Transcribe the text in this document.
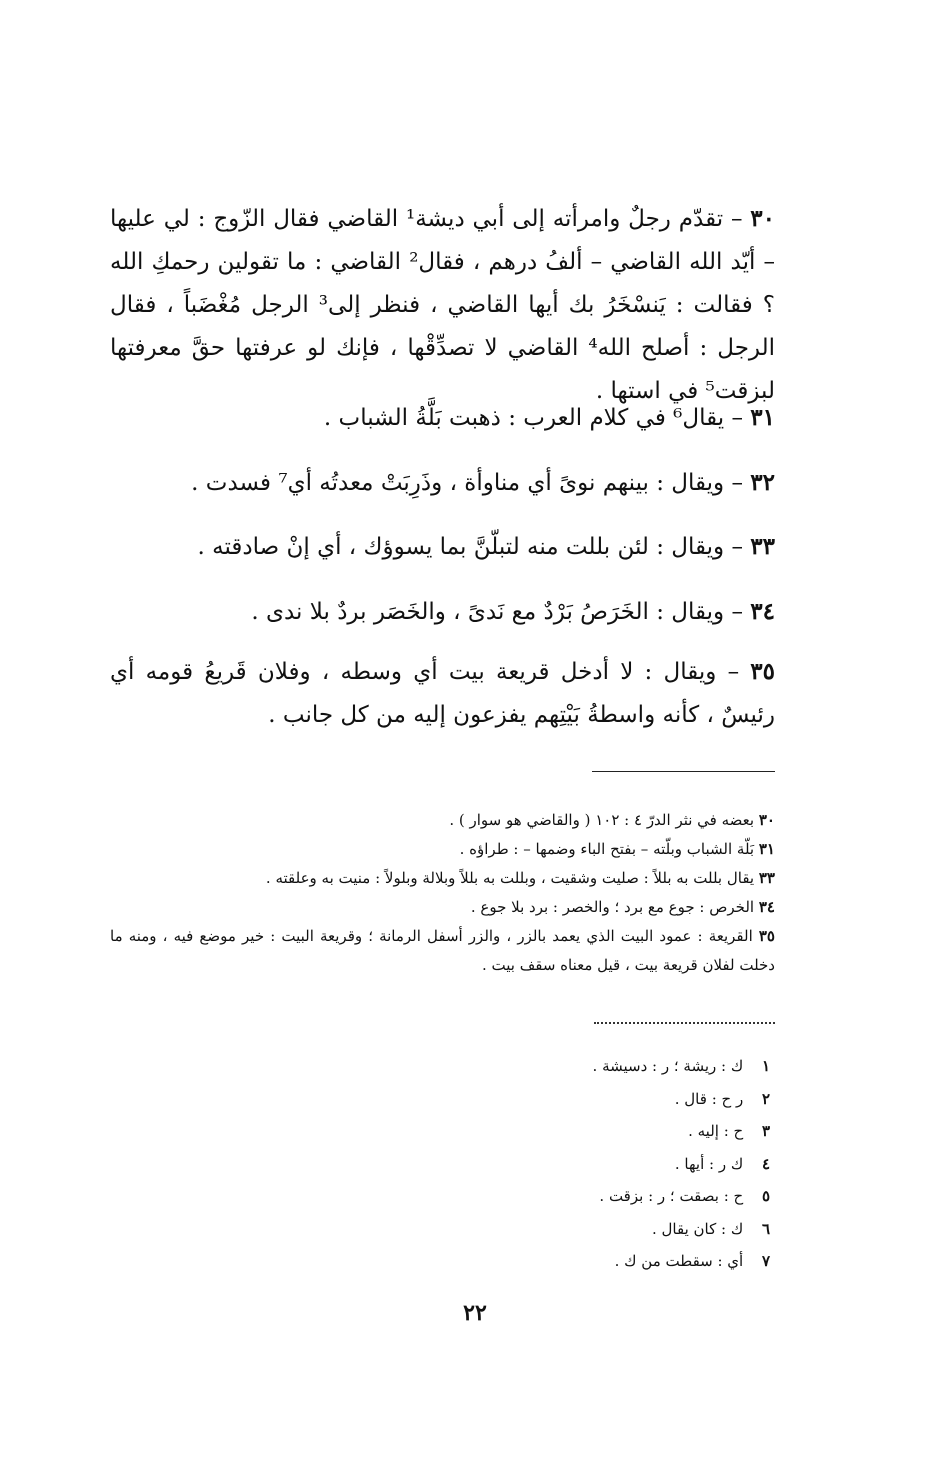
٣٠ – تقدّم رجلٌ وامرأته إلى أبي ديشة¹ القاضي فقال الزّوج : لي عليها – أيّد الله القاضي – ألفُ درهم ، فقال² القاضي : ما تقولين رحمكِ الله ؟ فقالت : يَنسْخَرُ بك أيها القاضي ، فنظر إلى³ الرجل مُغْضَباً ، فقال الرجل : أصلح الله⁴ القاضي لا تصدِّقْها ، فإنك لو عرفتها حقَّ معرفتها لبزقت⁵ في استها .

٣١ – يقال⁶ في كلام العرب : ذهبت بَلَّةُ الشباب .

٣٢ – ويقال : بينهم نوىً أي مناوأة ، وذَرِبَتْ معدتُه أي⁷ فسدت .

٣٣ – ويقال : لئن بللت منه لتبلّنَّ بما يسوؤك ، أي إنْ صادقته .

٣٤ – ويقال : الخَرَصُ بَرْدٌ مع نَدىً ، والخَصَر بردٌ بلا ندى .

٣٥ – ويقال : لا أدخل قريعة بيت أي وسطه ، وفلان قَريعُ قومه أي رئيسٌ ، كأنه واسطةُ بَيْتِهم يفزعون إليه من كل جانب .

٣٠ بعضه في نثر الدرّ ٤ : ١٠٢ ( والقاضي هو سوار ) .

٣١ بَلّة الشباب وبلّته – بفتح الباء وضمها – : طراؤه .

٣٣ يقال بللت به بللاً : صليت وشقيت ، وبللت به بللاً وبلالة وبلولاً : منيت به وعلقته .

٣٤ الخرص : جوع مع برد ؛ والخصر : برد بلا جوع .

٣٥ القريعة : عمود البيت الذي يعمد بالزر ، والزر أسفل الرمانة ؛ وقريعة البيت : خير موضع فيه ، ومنه ما دخلت لفلان قريعة بيت ، قيل معناه سقف بيت .

١ ك : ريشة ؛ ر : دسيشة .

٢ ر ح : قال .

٣ ح : إليه .

٤ ك ر : أيها .

٥ ح : بصقت ؛ ر : بزقت .

٦ ك : كان يقال .

٧ أي : سقطت من ك .

٢٢
